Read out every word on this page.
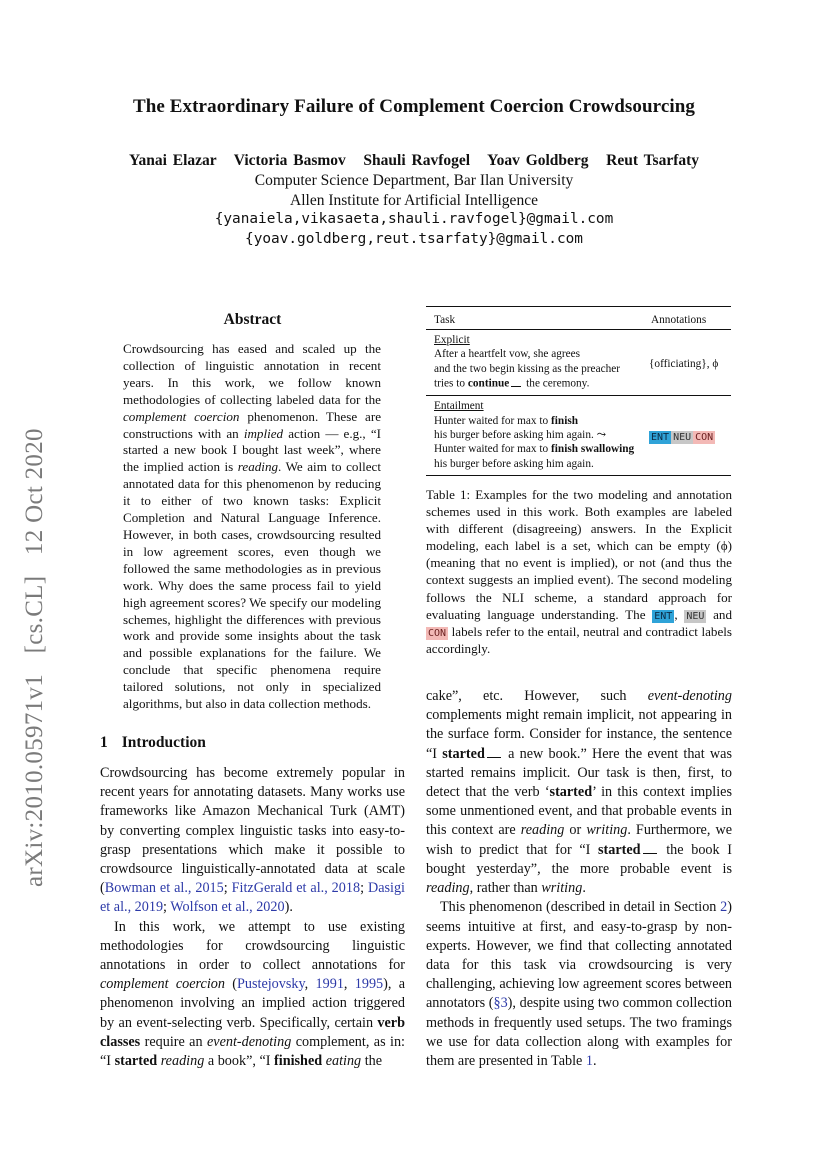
arXiv:2010.05971v1 [cs.CL] 12 Oct 2020
The Extraordinary Failure of Complement Coercion Crowdsourcing
Yanai Elazar   Victoria Basmov   Shauli Ravfogel   Yoav Goldberg   Reut Tsarfaty
Computer Science Department, Bar Ilan University
Allen Institute for Artificial Intelligence
{yanaiela,vikasaeta,shauli.ravfogel}@gmail.com
{yoav.goldberg,reut.tsarfaty}@gmail.com
Abstract
Crowdsourcing has eased and scaled up the collection of linguistic annotation in recent years. In this work, we follow known methodologies of collecting labeled data for the complement coercion phenomenon. These are constructions with an implied action — e.g., “I started a new book I bought last week”, where the implied action is reading. We aim to collect annotated data for this phenomenon by reducing it to either of two known tasks: Explicit Completion and Natural Language Inference. However, in both cases, crowdsourcing resulted in low agreement scores, even though we followed the same methodologies as in previous work. Why does the same process fail to yield high agreement scores? We specify our modeling schemes, highlight the differences with previous work and provide some insights about the task and possible explanations for the failure. We conclude that specific phenomena require tailored solutions, not only in specialized algorithms, but also in data collection methods.
Task	Annotations
Explicit
After a heartfelt vow, she agrees
and the two begin kissing as the preacher
tries to continue the ceremony.
{officiating}, ϕ
Entailment
Hunter waited for max to finish
his burger before asking him again. ⤳
Hunter waited for max to finish swallowing
his burger before asking him again.
ENT NEU CON
Table 1: Examples for the two modeling and annotation schemes used in this work. Both examples are labeled with different (disagreeing) answers. In the Explicit modeling, each label is a set, which can be empty (ϕ) (meaning that no event is implied), or not (and thus the context suggests an implied event). The second modeling follows the NLI scheme, a standard approach for evaluating language understanding. The ENT , NEU and CON labels refer to the entail, neutral and contradict labels accordingly.
1 Introduction

Crowdsourcing has become extremely popular in recent years for annotating datasets. Many works use frameworks like Amazon Mechanical Turk (AMT) by converting complex linguistic tasks into easy-to-grasp presentations which make it possible to crowdsource linguistically-annotated data at scale (Bowman et al., 2015; FitzGerald et al., 2018; Dasigi et al., 2019; Wolfson et al., 2020).

In this work, we attempt to use existing methodologies for crowdsourcing linguistic annotations in order to collect annotations for complement coercion (Pustejovsky, 1991, 1995), a phenomenon involving an implied action triggered by an event-selecting verb. Specifically, certain verb classes require an event-denoting complement, as in: “I started reading a book”, “I finished eating the

cake”, etc. However, such event-denoting complements might remain implicit, not appearing in the surface form. Consider for instance, the sentence “I started a new book.” Here the event that was started remains implicit. Our task is then, first, to detect that the verb ‘started’ in this context implies some unmentioned event, and that probable events in this context are reading or writing. Furthermore, we wish to predict that for “I started the book I bought yesterday”, the more probable event is reading, rather than writing.

This phenomenon (described in detail in Section 2) seems intuitive at first, and easy-to-grasp by non-experts. However, we find that collecting annotated data for this task via crowdsourcing is very challenging, achieving low agreement scores between annotators (§3), despite using two common collection methods in frequently used setups. The two framings we use for data collection along with examples for them are presented in Table 1.
